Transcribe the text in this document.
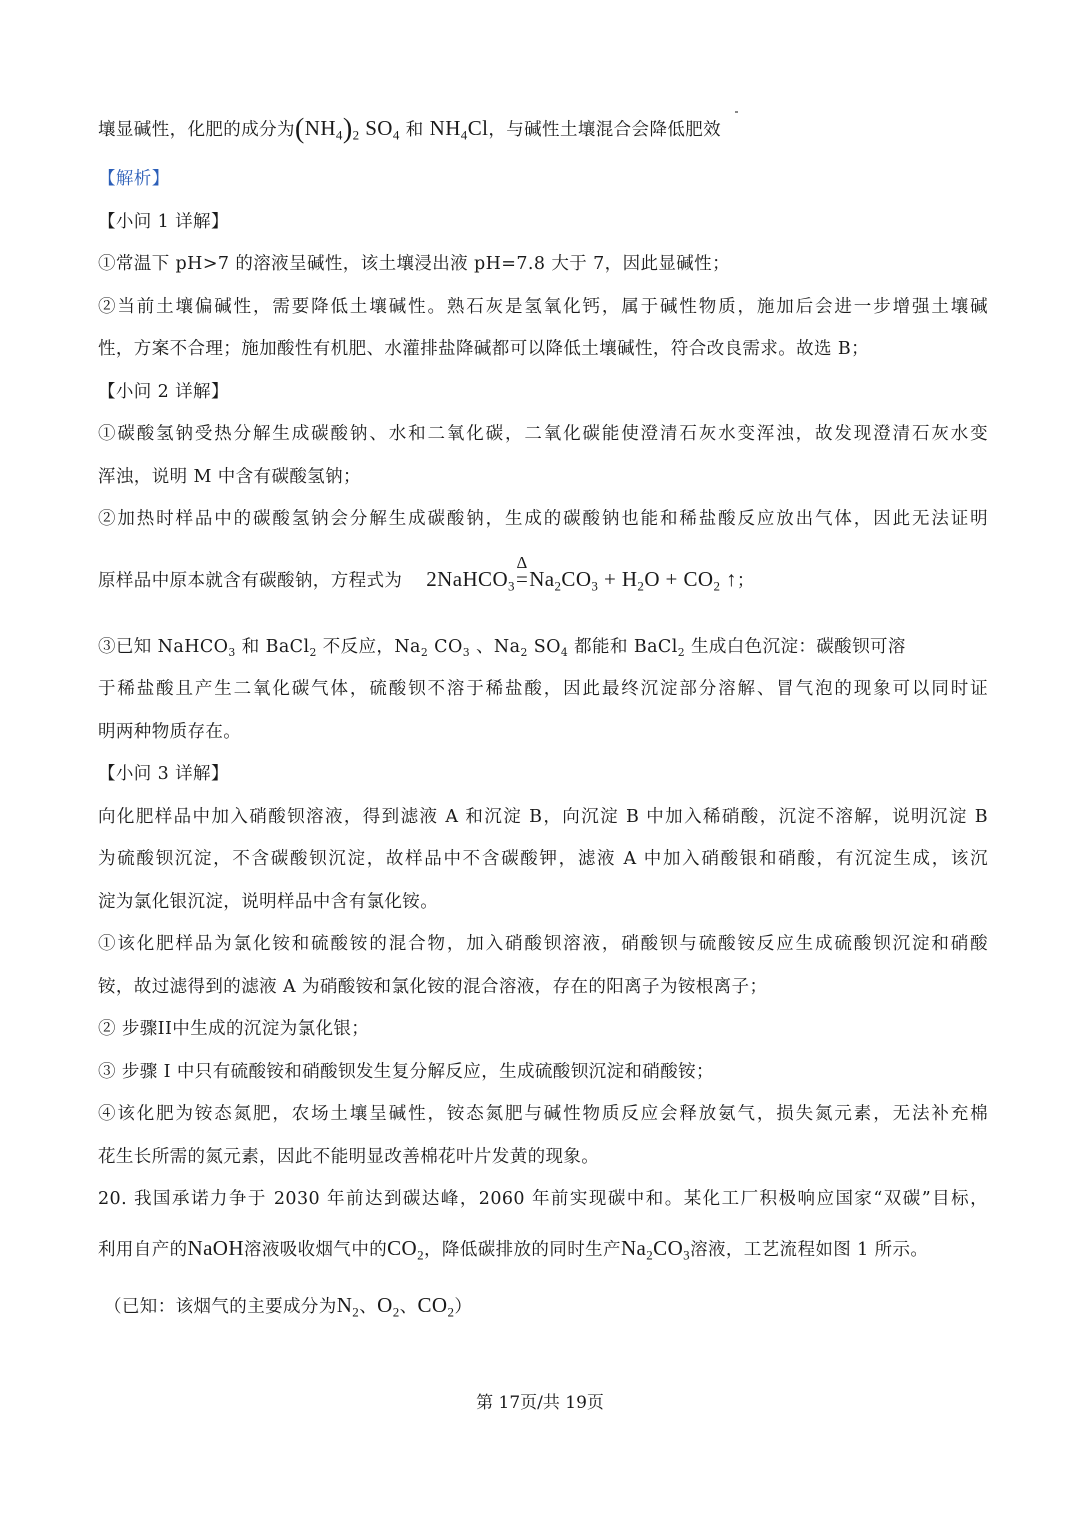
壤显碱性，化肥的成分为$(NH_4)_2$ $SO_4$ 和 $NH_4Cl$，与碱性土壤混合会降低肥效
【解析】
【小问 1 详解】
①常温下 pH>7 的溶液呈碱性，该土壤浸出液 pH=7.8 大于 7，因此显碱性；
②当前土壤偏碱性，需要降低土壤碱性。熟石灰是氢氧化钙，属于碱性物质，施加后会进一步增强土壤碱
性，方案不合理；施加酸性有机肥、水灌排盐降碱都可以降低土壤碱性，符合改良需求。故选 B；
【小问 2 详解】
①碳酸氢钠受热分解生成碳酸钠、水和二氧化碳，二氧化碳能使澄清石灰水变浑浊，故发现澄清石灰水变
浑浊，说明 M 中含有碳酸氢钠；
②加热时样品中的碳酸氢钠会分解生成碳酸钠，生成的碳酸钠也能和稀盐酸反应放出气体，因此无法证明
原样品中原本就含有碳酸钠，方程式为 2NaHCO$_3$
Δ
$=Na_2CO_3 + H_2O + CO_2$ ↑；
③已知 NaHCO$_3$ 和 BaCl$_2$ 不反应，$Na_2$ $CO_3$ 、$Na_2$ $SO_4$ 都能和 BaCl$_2$ 生成白色沉淀：碳酸钡可溶
于稀盐酸且产生二氧化碳气体，硫酸钡不溶于稀盐酸，因此最终沉淀部分溶解、冒气泡的现象可以同时证
明两种物质存在。
【小问 3 详解】
向化肥样品中加入硝酸钡溶液，得到滤液 A 和沉淀 B，向沉淀 B 中加入稀硝酸，沉淀不溶解，说明沉淀 B
为硫酸钡沉淀，不含碳酸钡沉淀，故样品中不含碳酸钾，滤液 A 中加入硝酸银和硝酸，有沉淀生成，该沉
淀为氯化银沉淀，说明样品中含有氯化铵。
①该化肥样品为氯化铵和硫酸铵的混合物，加入硝酸钡溶液，硝酸钡与硫酸铵反应生成硫酸钡沉淀和硝酸
铵，故过滤得到的滤液 A 为硝酸铵和氯化铵的混合溶液，存在的阳离子为铵根离子；
② 步骤II中生成的沉淀为氯化银；
③ 步骤 I 中只有硫酸铵和硝酸钡发生复分解反应，生成硫酸钡沉淀和硝酸铵；
④该化肥为铵态氮肥，农场土壤呈碱性，铵态氮肥与碱性物质反应会释放氨气，损失氮元素，无法补充棉
花生长所需的氮元素，因此不能明显改善棉花叶片发黄的现象。
20. 我国承诺力争于 2030 年前达到碳达峰，2060 年前实现碳中和。某化工厂积极响应国家“双碳”目标，
利用自产的NaOH溶液吸收烟气中的$CO_2$，降低碳排放的同时生产$Na_2CO_3$溶液，工艺流程如图 1 所示。
（已知：该烟气的主要成分为$N_2$、$O_2$、$CO_2$）
第 17页/共 19页
